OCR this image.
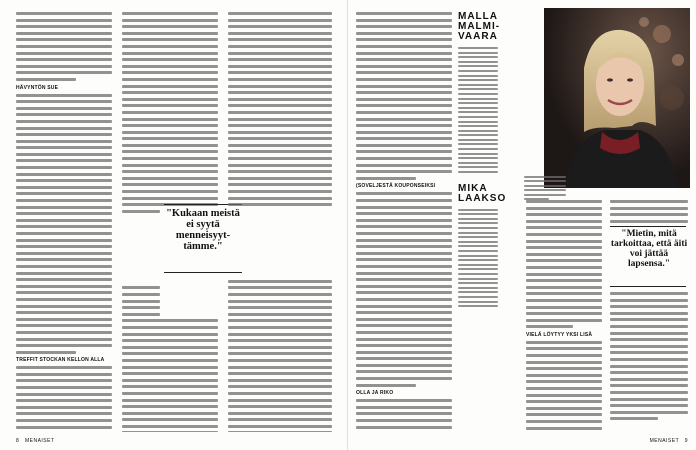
HÄVYNTÖN SUE
TREFFIT STOCKAN KELLON ALLA
"Kukaan meistä ei syytä menneisyyt-tämme."
8 MENAISET
(SOVELJESTÄ KOUPONSEIKSI
OLLA JA RIKO
MALLA
MALMI-
VAARA
MIKA
LAAKSO
VIELÄ LÖYTYY YKSI LISÄ
"Mietin, mitä tarkoittaa, että äiti voi jättää lapsensa."
MENAISET 9
